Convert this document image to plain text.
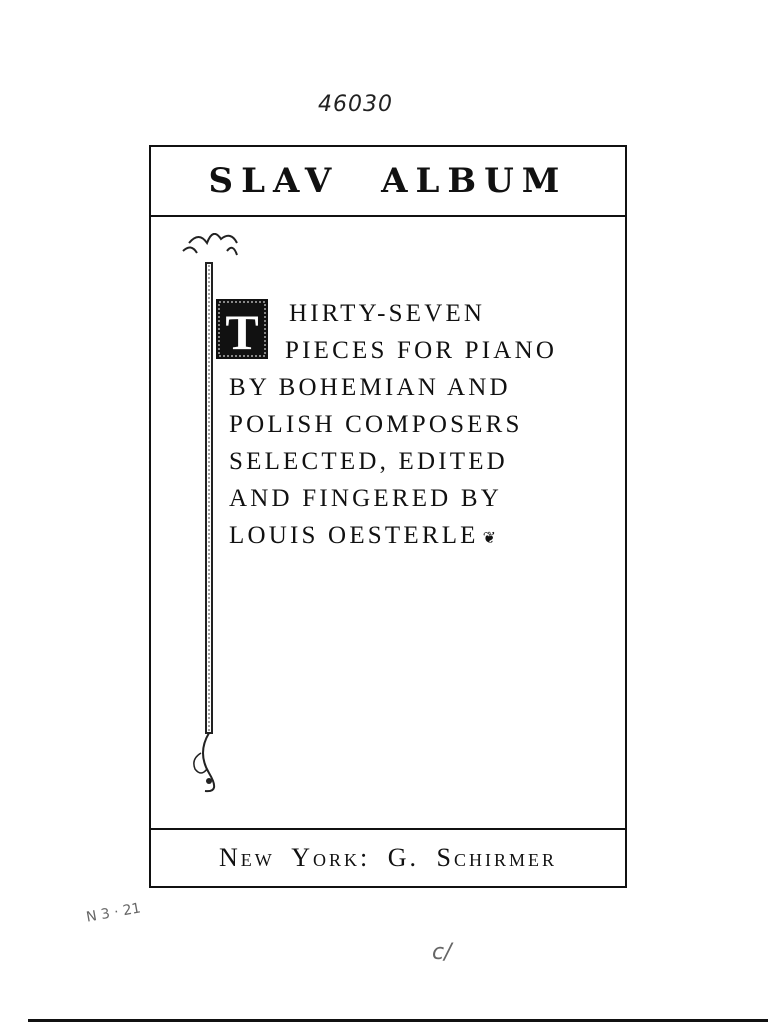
46030
SLAV ALBUM
T	HIRTY-SEVEN
PIECES FOR PIANO
BY BOHEMIAN AND
POLISH COMPOSERS
SELECTED, EDITED
AND FINGERED BY
LOUIS OESTERLE ❦
New York: G. Schirmer
N 3 · 21
c/
